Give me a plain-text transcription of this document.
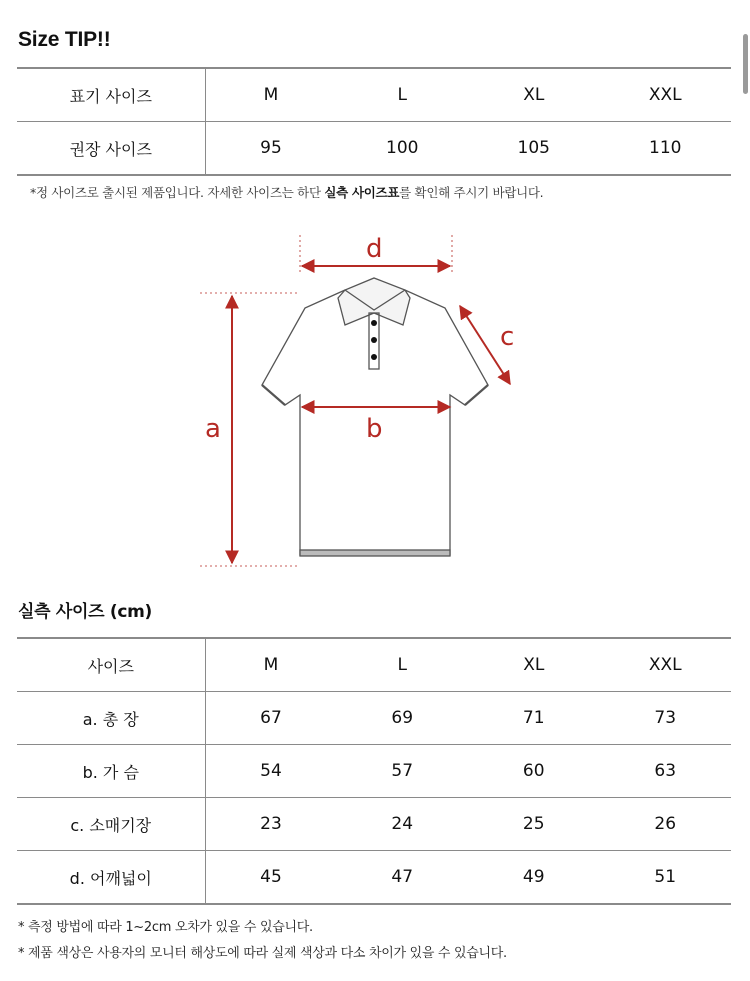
Size TIP!!
표기 사이즈	M	L	XL	XXL
권장 사이즈	95	100	105	110
*정 사이즈로 출시된 제품입니다. 자세한 사이즈는 하단 실측 사이즈표를 확인해 주시기 바랍니다.
d
b
a
c
실측 사이즈 (cm)
사이즈	M	L	XL	XXL
a. 총 장	67	69	71	73
b. 가 슴	54	57	60	63
c. 소매기장	23	24	25	26
d. 어깨넓이	45	47	49	51
* 측정 방법에 따라 1~2cm 오차가 있을 수 있습니다.
* 제품 색상은 사용자의 모니터 해상도에 따라 실제 색상과 다소 차이가 있을 수 있습니다.
